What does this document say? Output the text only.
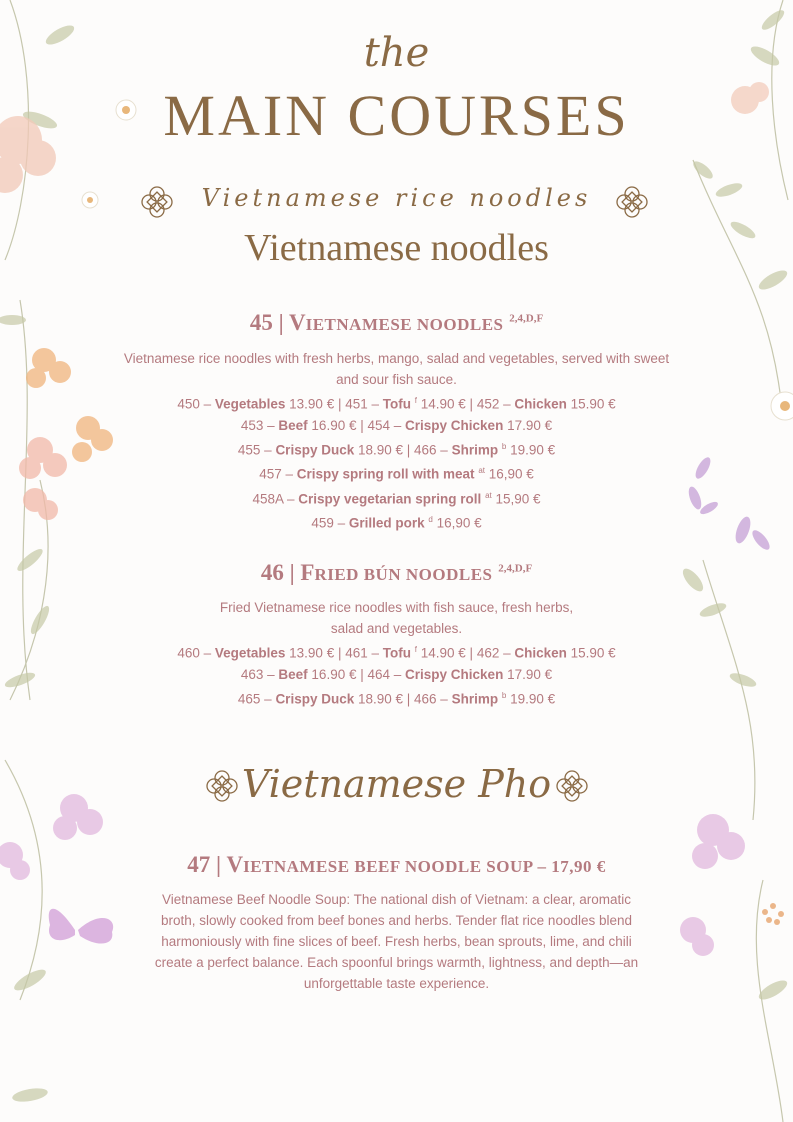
the
MAIN COURSES
Vietnamese rice noodles
Vietnamese noodles
45 | VIETNAMESE NOODLES $^{2,4,D,F}$
Vietnamese rice noodles with fresh herbs, mango, salad and vegetables, served with sweet and sour fish sauce.
450 – Vegetables 13.90 € | 451 – Tofu $^f$ 14.90 € | 452 – Chicken 15.90 €
453 – Beef 16.90 € | 454 – Crispy Chicken 17.90 €
455 – Crispy Duck 18.90 € | 466 – Shrimp $^b$ 19.90 €
457 – Crispy spring roll with meat $^{at}$ 16,90 €
458A – Crispy vegetarian spring roll $^{at}$ 15,90 €
459 – Grilled pork $^d$ 16,90 €
46 | FRIED BÚN NOODLES $^{2,4,D,F}$
Fried Vietnamese rice noodles with fish sauce, fresh herbs,
salad and vegetables.
460 – Vegetables 13.90 € | 461 – Tofu $^f$ 14.90 € | 462 – Chicken 15.90 €
463 – Beef 16.90 € | 464 – Crispy Chicken 17.90 €
465 – Crispy Duck 18.90 € | 466 – Shrimp $^b$ 19.90 €
Vietnamese Pho
47 | VIETNAMESE BEEF NOODLE SOUP – 17,90 €
Vietnamese Beef Noodle Soup: The national dish of Vietnam: a clear, aromatic broth, slowly cooked from beef bones and herbs. Tender flat rice noodles blend harmoniously with fine slices of beef. Fresh herbs, bean sprouts, lime, and chili create a perfect balance. Each spoonful brings warmth, lightness, and depth—an unforgettable taste experience.
